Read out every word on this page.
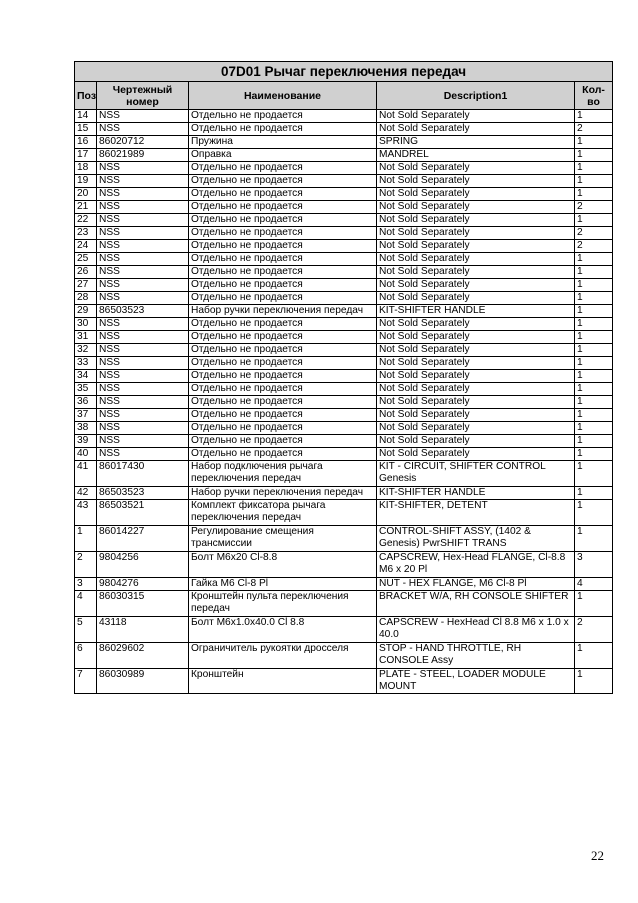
07D01 Рычаг переключения передач				
Поз	Чертежный номер	Наименование	Description1	Кол-во
14	NSS	Отдельно не продается	Not Sold Separately	1
15	NSS	Отдельно не продается	Not Sold Separately	2
16	86020712	Пружина	SPRING	1
17	86021989	Оправка	MANDREL	1
18	NSS	Отдельно не продается	Not Sold Separately	1
19	NSS	Отдельно не продается	Not Sold Separately	1
20	NSS	Отдельно не продается	Not Sold Separately	1
21	NSS	Отдельно не продается	Not Sold Separately	2
22	NSS	Отдельно не продается	Not Sold Separately	1
23	NSS	Отдельно не продается	Not Sold Separately	2
24	NSS	Отдельно не продается	Not Sold Separately	2
25	NSS	Отдельно не продается	Not Sold Separately	1
26	NSS	Отдельно не продается	Not Sold Separately	1
27	NSS	Отдельно не продается	Not Sold Separately	1
28	NSS	Отдельно не продается	Not Sold Separately	1
29	86503523	Набор ручки переключения передач	KIT-SHIFTER HANDLE	1
30	NSS	Отдельно не продается	Not Sold Separately	1
31	NSS	Отдельно не продается	Not Sold Separately	1
32	NSS	Отдельно не продается	Not Sold Separately	1
33	NSS	Отдельно не продается	Not Sold Separately	1
34	NSS	Отдельно не продается	Not Sold Separately	1
35	NSS	Отдельно не продается	Not Sold Separately	1
36	NSS	Отдельно не продается	Not Sold Separately	1
37	NSS	Отдельно не продается	Not Sold Separately	1
38	NSS	Отдельно не продается	Not Sold Separately	1
39	NSS	Отдельно не продается	Not Sold Separately	1
40	NSS	Отдельно не продается	Not Sold Separately	1
41	86017430	Набор подключения рычага переключения передач	KIT - CIRCUIT, SHIFTER CONTROL Genesis	1
42	86503523	Набор ручки переключения передач	KIT-SHIFTER HANDLE	1
43	86503521	Комплект фиксатора рычага переключения передач	KIT-SHIFTER, DETENT	1
1	86014227	Регулирование смещения трансмиссии	CONTROL-SHIFT ASSY, (1402 & Genesis) PwrSHIFT TRANS	1
2	9804256	Болт M6x20 Cl-8.8	CAPSCREW, Hex-Head FLANGE, Cl-8.8 M6 x 20 Pl	3
3	9804276	Гайка M6 Cl-8 Pl	NUT - HEX FLANGE, M6 Cl-8 Pl	4
4	86030315	Кронштейн пульта переключения передач	BRACKET W/A, RH CONSOLE SHIFTER	1
5	43118	Болт M6x1.0x40.0 Cl 8.8	CAPSCREW - HexHead Cl 8.8 M6 x 1.0 x 40.0	2
6	86029602	Ограничитель рукоятки дросселя	STOP - HAND THROTTLE, RH CONSOLE Assy	1
7	86030989	Кронштейн	PLATE - STEEL, LOADER MODULE MOUNT	1
22
